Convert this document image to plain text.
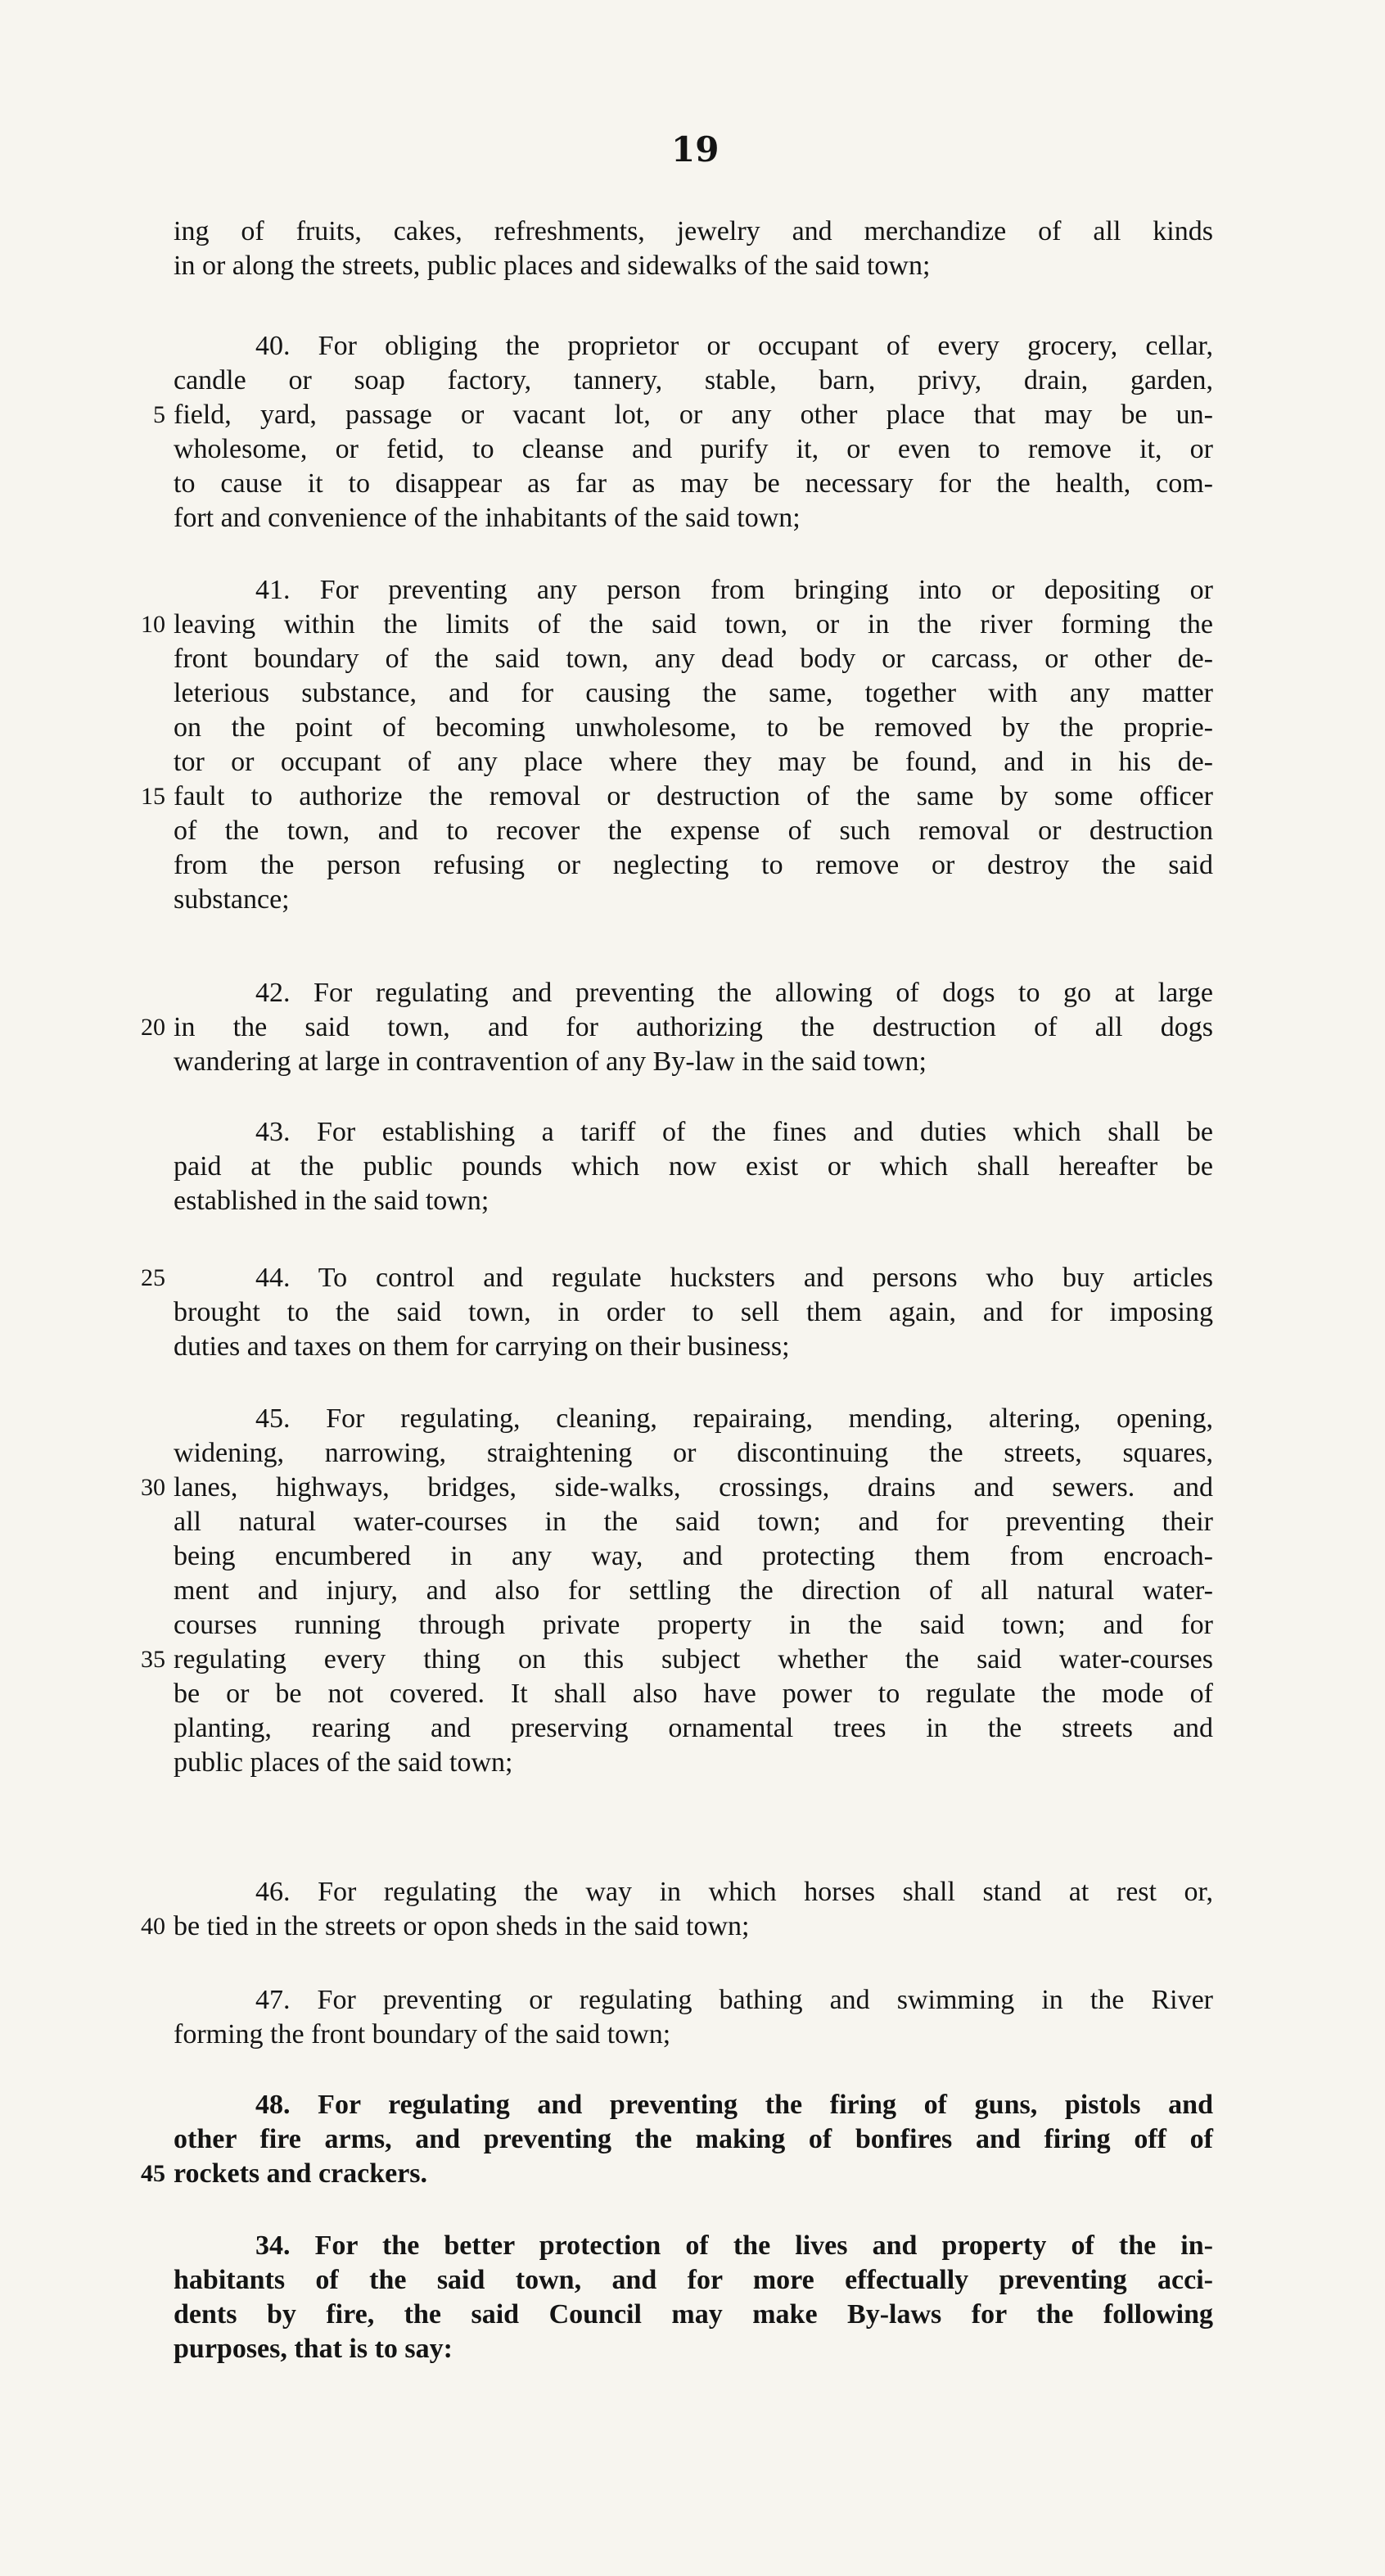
19
ing of fruits, cakes, refreshments, jewelry and merchandize of all kinds
in or along the streets, public places and sidewalks of the said town;
40. For obliging the proprietor or occupant of every grocery, cellar,
candle or soap factory, tannery, stable, barn, privy, drain, garden,
5 field, yard, passage or vacant lot, or any other place that may be un-
wholesome, or fetid, to cleanse and purify it, or even to remove it, or
to cause it to disappear as far as may be necessary for the health, com-
fort and convenience of the inhabitants of the said town;
41. For preventing any person from bringing into or depositing or
10 leaving within the limits of the said town, or in the river forming the
front boundary of the said town, any dead body or carcass, or other de-
leterious substance, and for causing the same, together with any matter
on the point of becoming unwholesome, to be removed by the proprie-
tor or occupant of any place where they may be found, and in his de-
15 fault to authorize the removal or destruction of the same by some officer
of the town, and to recover the expense of such removal or destruction
from the person refusing or neglecting to remove or destroy the said
substance;
42. For regulating and preventing the allowing of dogs to go at large
20 in the said town, and for authorizing the destruction of all dogs
wandering at large in contravention of any By-law in the said town;
43. For establishing a tariff of the fines and duties which shall be
paid at the public pounds which now exist or which shall hereafter be
established in the said town;
25	44. To control and regulate hucksters and persons who buy articles
brought to the said town, in order to sell them again, and for imposing
duties and taxes on them for carrying on their business;
45. For regulating, cleaning, repairaing, mending, altering, opening,
widening, narrowing, straightening or discontinuing the streets, squares,
30 lanes, highways, bridges, side-walks, crossings, drains and sewers. and
all natural water-courses in the said town; and for preventing their
being encumbered in any way, and protecting them from encroach-
ment and injury, and also for settling the direction of all natural water-
courses running through private property in the said town; and for
35 regulating every thing on this subject whether the said water-courses
be or be not covered. It shall also have power to regulate the mode of
planting, rearing and preserving ornamental trees in the streets and
public places of the said town;
46. For regulating the way in which horses shall stand at rest or,
40 be tied in the streets or opon sheds in the said town;
47. For preventing or regulating bathing and swimming in the River
forming the front boundary of the said town;
48. For regulating and preventing the firing of guns, pistols and
other fire arms, and preventing the making of bonfires and firing off of
45 rockets and crackers.
34. For the better protection of the lives and property of the in-
habitants of the said town, and for more effectually preventing acci-
dents by fire, the said Council may make By-laws for the following
purposes, that is to say:
